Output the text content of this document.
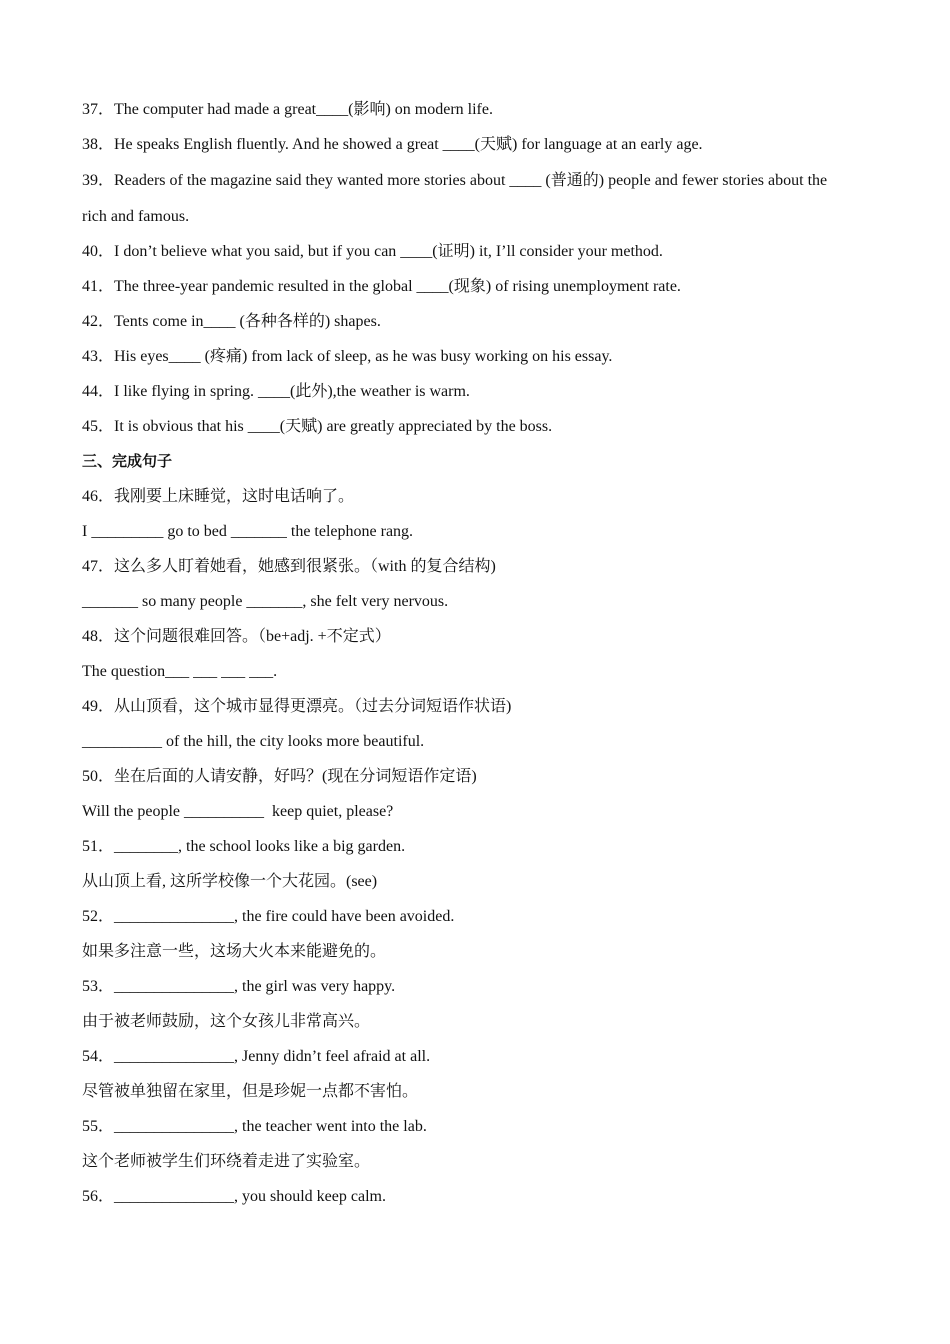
37．The computer had made a great____(影响) on modern life.
38．He speaks English fluently. And he showed a great ____(天赋) for language at an early age.
39．Readers of the magazine said they wanted more stories about ____ (普通的) people and fewer stories about the
rich and famous.
40．I don’t believe what you said, but if you can ____(证明) it, I’ll consider your method.
41．The three-year pandemic resulted in the global ____(现象) of rising unemployment rate.
42．Tents come in____ (各种各样的) shapes.
43．His eyes____ (疼痛) from lack of sleep, as he was busy working on his essay.
44．I like flying in spring. ____(此外),the weather is warm.
45．It is obvious that his ____(天赋) are greatly appreciated by the boss.
三、完成句子
46．我刚要上床睡觉，这时电话响了。
I _________ go to bed _______ the telephone rang.
47．这么多人盯着她看，她感到很紧张。（with 的复合结构)
_______ so many people _______, she felt very nervous.
48．这个问题很难回答。（be+adj. +不定式）
The question___ ___ ___ ___.
49．从山顶看，这个城市显得更漂亮。（过去分词短语作状语)
__________ of the hill, the city looks more beautiful.
50．坐在后面的人请安静，好吗？(现在分词短语作定语)
Will the people __________  keep quiet, please?
51．________, the school looks like a big garden.
从山顶上看, 这所学校像一个大花园。(see)
52．_______________, the fire could have been avoided.
如果多注意一些，这场大火本来能避免的。
53．_______________, the girl was very happy.
由于被老师鼓励，这个女孩儿非常高兴。
54．_______________, Jenny didn’t feel afraid at all.
尽管被单独留在家里，但是珍妮一点都不害怕。
55．_______________, the teacher went into the lab.
这个老师被学生们环绕着走进了实验室。
56．_______________, you should keep calm.
